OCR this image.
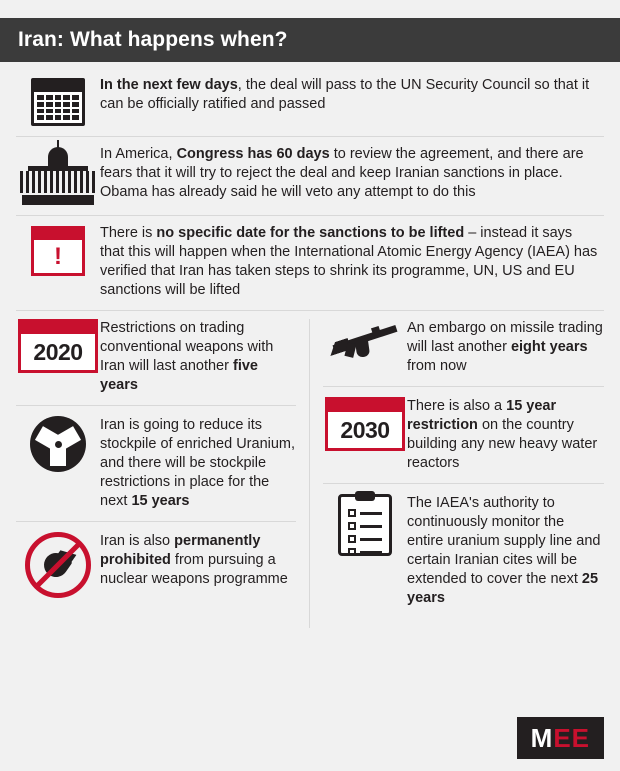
Iran: What happens when?
In the next few days, the deal will pass to the UN Security Council so that it can be officially ratified and passed
In America, Congress has 60 days to review the agreement, and there are fears that it will try to reject the deal and keep Iranian sanctions in place. Obama has already said he will veto any attempt to do this
!
There is no specific date for the sanctions to be lifted – instead it says that this will happen when the International Atomic Energy Agency (IAEA) has verified that Iran has taken steps to shrink its programme, UN, US and EU sanctions will be lifted
2020
Restrictions on trading conventional weapons with Iran will last another five years
Iran is going to reduce its stockpile of enriched Uranium, and there will be stockpile restrictions in place for the next 15 years
Iran is also permanently prohibited from pursuing a nuclear weapons programme
An embargo on missile trading will last another eight years from now
2030
There is also a 15 year restriction on the country building any new heavy water reactors
The IAEA's authority to continuously monitor the entire uranium supply line and certain Iranian cites will be extended to cover the next 25 years
MEE
